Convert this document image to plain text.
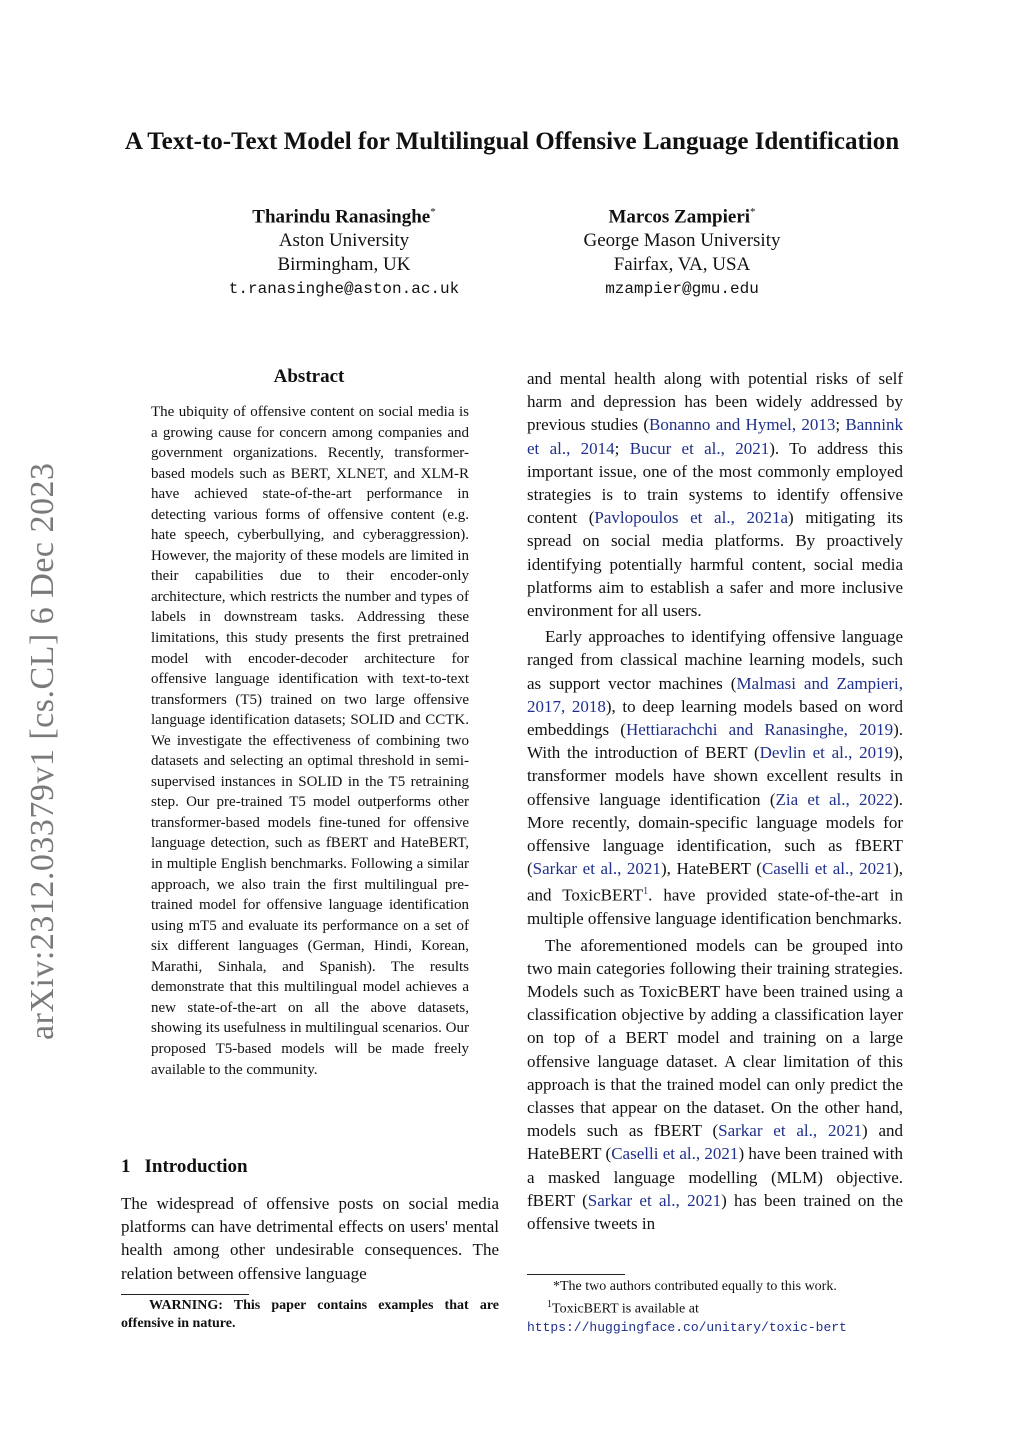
A Text-to-Text Model for Multilingual Offensive Language Identification
Tharindu Ranasinghe*
Aston University
Birmingham, UK
t.ranasinghe@aston.ac.uk
Marcos Zampieri*
George Mason University
Fairfax, VA, USA
mzampier@gmu.edu
arXiv:2312.03379v1 [cs.CL] 6 Dec 2023
Abstract
The ubiquity of offensive content on social media is a growing cause for concern among companies and government organizations. Recently, transformer-based models such as BERT, XLNET, and XLM-R have achieved state-of-the-art performance in detecting various forms of offensive content (e.g. hate speech, cyberbullying, and cyberaggression). However, the majority of these models are limited in their capabilities due to their encoder-only architecture, which restricts the number and types of labels in downstream tasks. Addressing these limitations, this study presents the first pretrained model with encoder-decoder architecture for offensive language identification with text-to-text transformers (T5) trained on two large offensive language identification datasets; SOLID and CCTK. We investigate the effectiveness of combining two datasets and selecting an optimal threshold in semi-supervised instances in SOLID in the T5 retraining step. Our pre-trained T5 model outperforms other transformer-based models fine-tuned for offensive language detection, such as fBERT and HateBERT, in multiple English benchmarks. Following a similar approach, we also train the first multilingual pre-trained model for offensive language identification using mT5 and evaluate its performance on a set of six different languages (German, Hindi, Korean, Marathi, Sinhala, and Spanish). The results demonstrate that this multilingual model achieves a new state-of-the-art on all the above datasets, showing its usefulness in multilingual scenarios. Our proposed T5-based models will be made freely available to the community.
1 Introduction

The widespread of offensive posts on social media platforms can have detrimental effects on users' mental health among other undesirable consequences. The relation between offensive language

WARNING: This paper contains examples that are offensive in nature.

and mental health along with potential risks of self harm and depression has been widely addressed by previous studies (Bonanno and Hymel, 2013; Bannink et al., 2014; Bucur et al., 2021). To address this important issue, one of the most commonly employed strategies is to train systems to identify offensive content (Pavlopoulos et al., 2021a) mitigating its spread on social media platforms. By proactively identifying potentially harmful content, social media platforms aim to establish a safer and more inclusive environment for all users.

Early approaches to identifying offensive language ranged from classical machine learning models, such as support vector machines (Malmasi and Zampieri, 2017, 2018), to deep learning models based on word embeddings (Hettiarachchi and Ranasinghe, 2019). With the introduction of BERT (Devlin et al., 2019), transformer models have shown excellent results in offensive language identification (Zia et al., 2022). More recently, domain-specific language models for offensive language identification, such as fBERT (Sarkar et al., 2021), HateBERT (Caselli et al., 2021), and ToxicBERT$^1$. have provided state-of-the-art in multiple offensive language identification benchmarks.

The aforementioned models can be grouped into two main categories following their training strategies. Models such as ToxicBERT have been trained using a classification objective by adding a classification layer on top of a BERT model and training on a large offensive language dataset. A clear limitation of this approach is that the trained model can only predict the classes that appear on the dataset. On the other hand, models such as fBERT (Sarkar et al., 2021) and HateBERT (Caselli et al., 2021) have been trained with a masked language modelling (MLM) objective. fBERT (Sarkar et al., 2021) has been trained on the offensive tweets in

*The two authors contributed equally to this work.
$^1$ToxicBERT is available at https://huggingface.co/unitary/toxic-bert
